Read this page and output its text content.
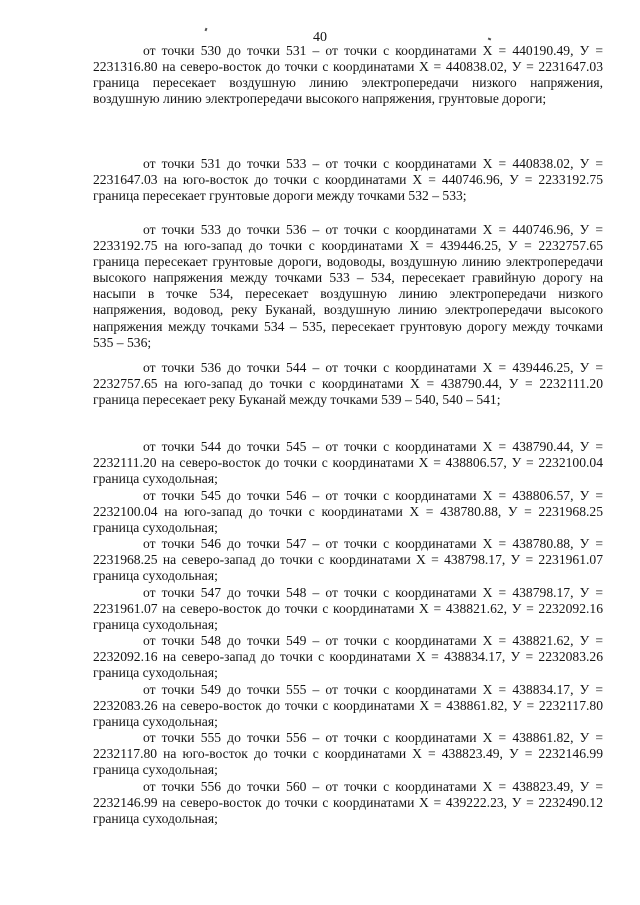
40

от точки 530 до точки 531 – от точки с координатами Х = 440190.49, У = 2231316.80 на северо-восток до точки с координатами Х = 440838.02, У = 2231647.03 граница пересекает воздушную линию электропередачи низкого напряжения, воздушную линию электропередачи высокого напряжения, грунтовые дороги;

от точки 531 до точки 533 – от точки с координатами Х = 440838.02, У = 2231647.03 на юго-восток до точки с координатами Х = 440746.96, У = 2233192.75 граница пересекает грунтовые дороги между точками 532 – 533;

от точки 533 до точки 536 – от точки с координатами Х = 440746.96, У = 2233192.75 на юго-запад до точки с координатами Х = 439446.25, У = 2232757.65 граница пересекает грунтовые дороги, водоводы, воздушную линию электропередачи высокого напряжения между точками 533 – 534, пересекает гравийную дорогу на насыпи в точке 534, пересекает воздушную линию электропередачи низкого напряжения, водовод, реку Буканай, воздушную линию электропередачи высокого напряжения между точками 534 – 535, пересекает грунтовую дорогу между точками 535 – 536;

от точки 536 до точки 544 – от точки с координатами Х = 439446.25, У = 2232757.65 на юго-запад до точки с координатами Х = 438790.44, У = 2232111.20 граница пересекает реку Буканай между точками 539 – 540, 540 – 541;

от точки 544 до точки 545 – от точки с координатами Х = 438790.44, У = 2232111.20 на северо-восток до точки с координатами Х = 438806.57, У = 2232100.04 граница суходольная;

от точки 545 до точки 546 – от точки с координатами Х = 438806.57, У = 2232100.04 на юго-запад до точки с координатами Х = 438780.88, У = 2231968.25 граница суходольная;

от точки 546 до точки 547 – от точки с координатами Х = 438780.88, У = 2231968.25 на северо-запад до точки с координатами Х = 438798.17, У = 2231961.07 граница суходольная;

от точки 547 до точки 548 – от точки с координатами Х = 438798.17, У = 2231961.07 на северо-восток до точки с координатами Х = 438821.62, У = 2232092.16 граница суходольная;

от точки 548 до точки 549 – от точки с координатами Х = 438821.62, У = 2232092.16 на северо-запад до точки с координатами Х = 438834.17, У = 2232083.26 граница суходольная;

от точки 549 до точки 555 – от точки с координатами Х = 438834.17, У = 2232083.26 на северо-восток до точки с координатами Х = 438861.82, У = 2232117.80 граница суходольная;

от точки 555 до точки 556 – от точки с координатами Х = 438861.82, У = 2232117.80 на юго-восток до точки с координатами Х = 438823.49, У = 2232146.99 граница суходольная;

от точки 556 до точки 560 – от точки с координатами Х = 438823.49, У = 2232146.99 на северо-восток до точки с координатами Х = 439222.23, У = 2232490.12 граница суходольная;
